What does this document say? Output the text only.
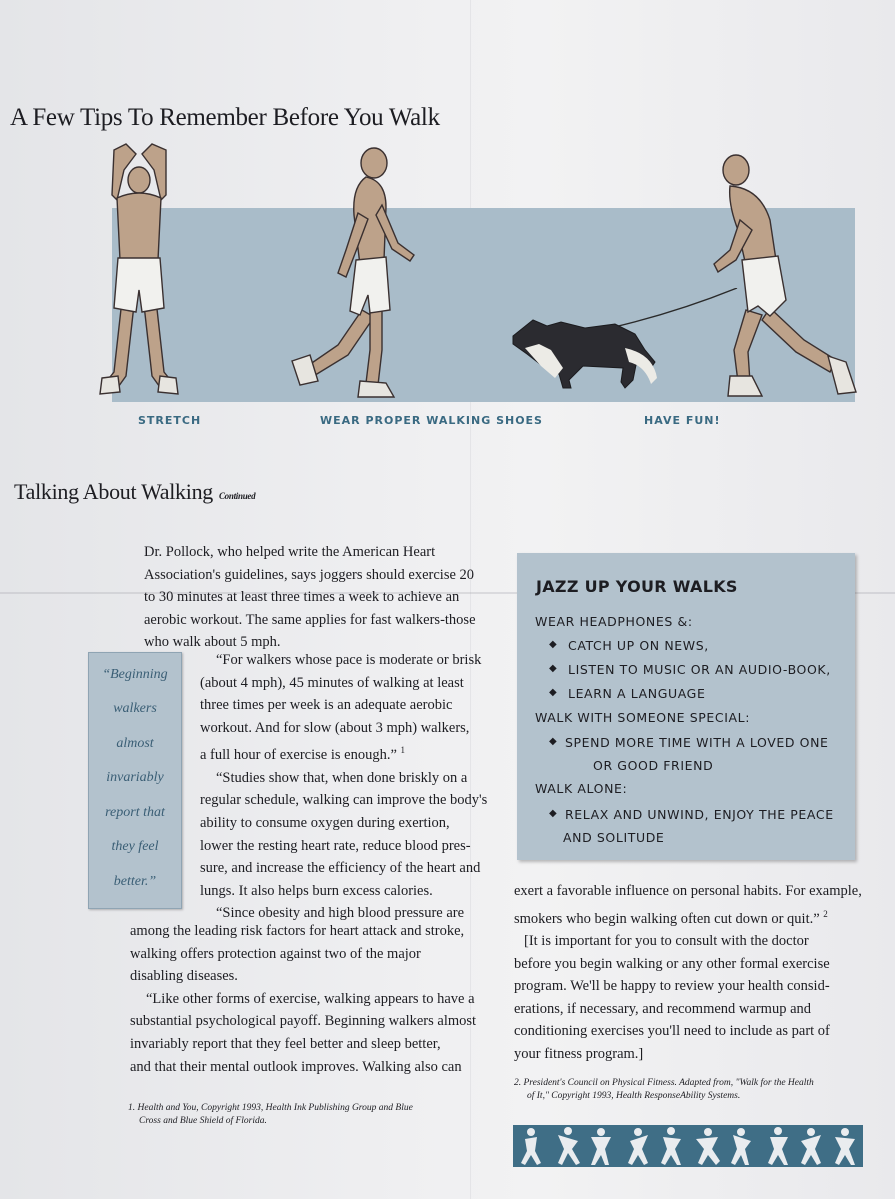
A Few Tips To Remember Before You Walk
STRETCH	WEAR PROPER WALKING SHOES	HAVE FUN!
Talking About Walking Continued

Dr. Pollock, who helped write the American Heart

Association's guidelines, says joggers should exercise 20

to 30 minutes at least three times a week to achieve an

aerobic workout. The same applies for fast walkers-those

who walk about 5 mph.

“Beginning
walkers
almost
invariably
report that
they feel
better.”

“For walkers whose pace is moderate or brisk

(about 4 mph), 45 minutes of walking at least

three times per week is an adequate aerobic

workout. And for slow (about 3 mph) walkers,

a full hour of exercise is enough.” $^1$

“Studies show that, when done briskly on a

regular schedule, walking can improve the body's

ability to consume oxygen during exertion,

lower the resting heart rate, reduce blood pres-

sure, and increase the efficiency of the heart and

lungs. It also helps burn excess calories.

“Since obesity and high blood pressure are

among the leading risk factors for heart attack and stroke,

walking offers protection against two of the major

disabling diseases.

“Like other forms of exercise, walking appears to have a

substantial psychological payoff. Beginning walkers almost

invariably report that they feel better and sleep better,

and that their mental outlook improves. Walking also can

JAZZ UP YOUR WALKS
WEAR HEADPHONES &:
◆ CATCH UP ON NEWS,
◆ LISTEN TO MUSIC OR AN AUDIO-BOOK,
◆ LEARN A LANGUAGE
WALK WITH SOMEONE SPECIAL:
◆ SPEND MORE TIME WITH A LOVED ONE
OR GOOD FRIEND
WALK ALONE:
◆ RELAX AND UNWIND, ENJOY THE PEACE
AND SOLITUDE

exert a favorable influence on personal habits. For example,

smokers who begin walking often cut down or quit.” $^2$

[It is important for you to consult with the doctor

before you begin walking or any other formal exercise

program. We'll be happy to review your health consid-

erations, if necessary, and recommend warmup and

conditioning exercises you'll need to include as part of

your fitness program.]

1. Health and You, Copyright 1993, Health Ink Publishing Group and Blue
Cross and Blue Shield of Florida.
2. President's Council on Physical Fitness. Adapted from, "Walk for the Health
of It," Copyright 1993, Health ResponseAbility Systems.
